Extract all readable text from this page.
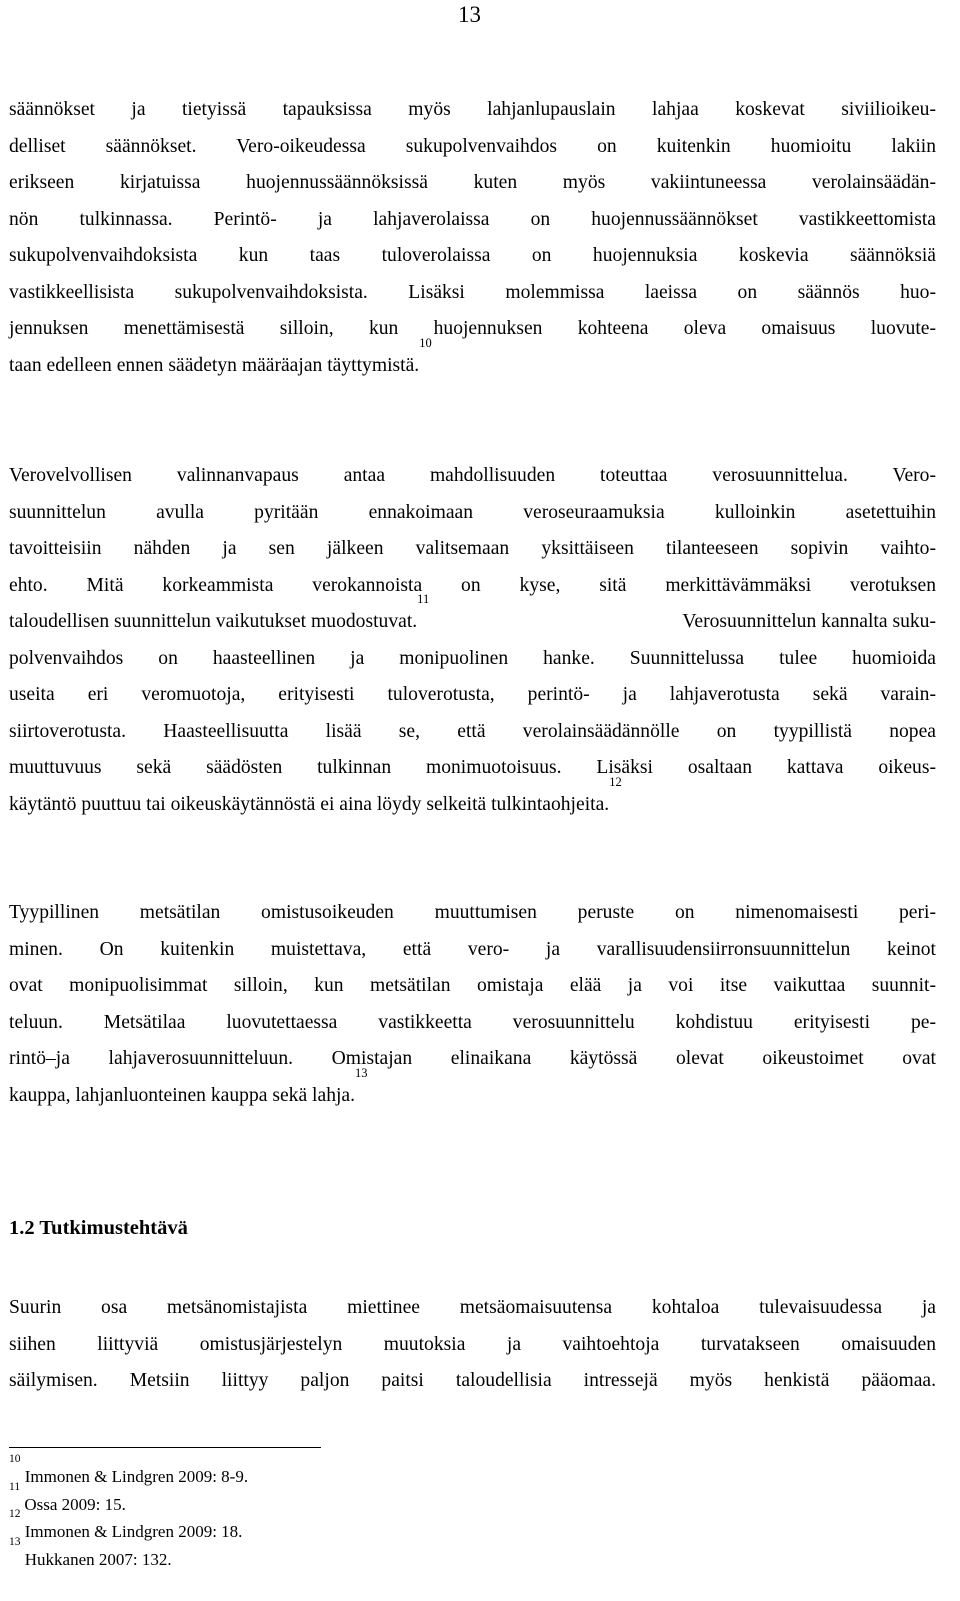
13
säännökset ja tietyissä tapauksissa myös lahjanlupauslain lahjaa koskevat siviilioikeu-
delliset säännökset. Vero-oikeudessa sukupolvenvaihdos on kuitenkin huomioitu lakiin
erikseen kirjatuissa huojennussäännöksissä kuten myös vakiintuneessa verolainsäädän-
nön tulkinnassa. Perintö- ja lahjaverolaissa on huojennussäännökset vastikkeettomista
sukupolvenvaihdoksista kun taas tuloverolaissa on huojennuksia koskevia säännöksiä
vastikkeellisista sukupolvenvaihdoksista. Lisäksi molemmissa laeissa on säännös huo-
jennuksen menettämisestä silloin, kun huojennuksen kohteena oleva omaisuus luovute-
taan edelleen ennen säädetyn määräajan täyttymistä.$^{10}$
Verovelvollisen valinnanvapaus antaa mahdollisuuden toteuttaa verosuunnittelua. Vero-
suunnittelun avulla pyritään ennakoimaan veroseuraamuksia kulloinkin asetettuihin
tavoitteisiin nähden ja sen jälkeen valitsemaan yksittäiseen tilanteeseen sopivin vaihto-
ehto. Mitä korkeammista verokannoista on kyse, sitä merkittävämmäksi verotuksen
taloudellisen suunnittelun vaikutukset muodostuvat.$^{11}$
Verosuunnittelun kannalta suku-
polvenvaihdos on haasteellinen ja monipuolinen hanke. Suunnittelussa tulee huomioida
useita eri veromuotoja, erityisesti tuloverotusta, perintö- ja lahjaverotusta sekä varain-
siirtoverotusta. Haasteellisuutta lisää se, että verolainsäädännölle on tyypillistä nopea
muuttuvuus sekä säädösten tulkinnan monimuotoisuus. Lisäksi osaltaan kattava oikeus-
käytäntö puuttuu tai oikeuskäytännöstä ei aina löydy selkeitä tulkintaohjeita.$^{12}$
Tyypillinen metsätilan omistusoikeuden muuttumisen peruste on nimenomaisesti peri-
minen. On kuitenkin muistettava, että vero- ja varallisuudensiirronsuunnittelun keinot
ovat monipuolisimmat silloin, kun metsätilan omistaja elää ja voi itse vaikuttaa suunnit-
teluun. Metsätilaa luovutettaessa vastikkeetta verosuunnittelu kohdistuu erityisesti pe-
rintö–ja lahjaverosuunnitteluun. Omistajan elinaikana käytössä olevat oikeustoimet ovat
kauppa, lahjanluonteinen kauppa sekä lahja.$^{13}$
1.2 Tutkimustehtävä
Suurin osa metsänomistajista miettinee metsäomaisuutensa kohtaloa tulevaisuudessa ja
siihen liittyviä omistusjärjestelyn muutoksia ja vaihtoehtoja turvatakseen omaisuuden
säilymisen. Metsiin liittyy paljon paitsi taloudellisia intressejä myös henkistä pääomaa.
$^{10}$ Immonen & Lindgren 2009: 8-9.
$^{11}$ Ossa 2009: 15.
$^{12}$ Immonen & Lindgren 2009: 18.
$^{13}$ Hukkanen 2007: 132.
